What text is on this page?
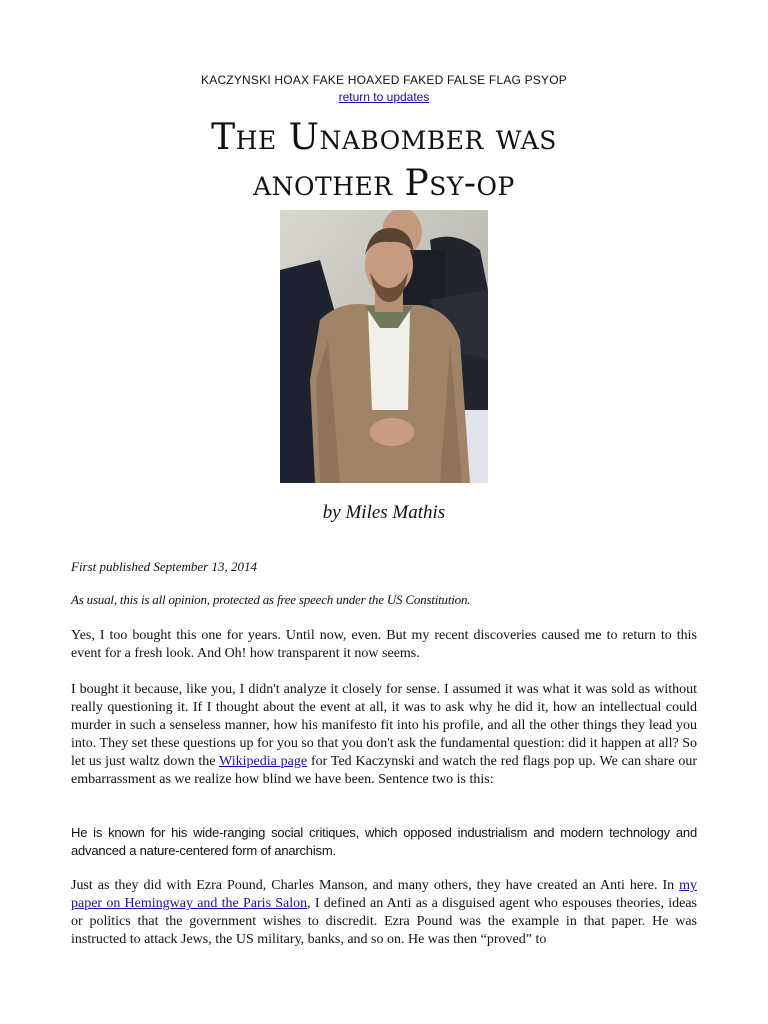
KACZYNSKI HOAX FAKE HOAXED FAKED FALSE FLAG PSYOP
return to updates
The Unabomber was
another Psy-op
by Miles Mathis
First published September 13, 2014
As usual, this is all opinion, protected as free speech under the US Constitution.

Yes, I too bought this one for years. Until now, even. But my recent discoveries caused me to return to this event for a fresh look. And Oh! how transparent it now seems.

I bought it because, like you, I didn't analyze it closely for sense. I assumed it was what it was sold as without really questioning it. If I thought about the event at all, it was to ask why he did it, how an intellectual could murder in such a senseless manner, how his manifesto fit into his profile, and all the other things they lead you into. They set these questions up for you so that you don't ask the fundamental question: did it happen at all? So let us just waltz down the Wikipedia page for Ted Kaczynski and watch the red flags pop up. We can share our embarrassment as we realize how blind we have been. Sentence two is this:

He is known for his wide-ranging social critiques, which opposed industrialism and modern technology and advanced a nature-centered form of anarchism.

Just as they did with Ezra Pound, Charles Manson, and many others, they have created an Anti here. In my paper on Hemingway and the Paris Salon, I defined an Anti as a disguised agent who espouses theories, ideas or politics that the government wishes to discredit. Ezra Pound was the example in that paper. He was instructed to attack Jews, the US military, banks, and so on. He was then “proved” to
